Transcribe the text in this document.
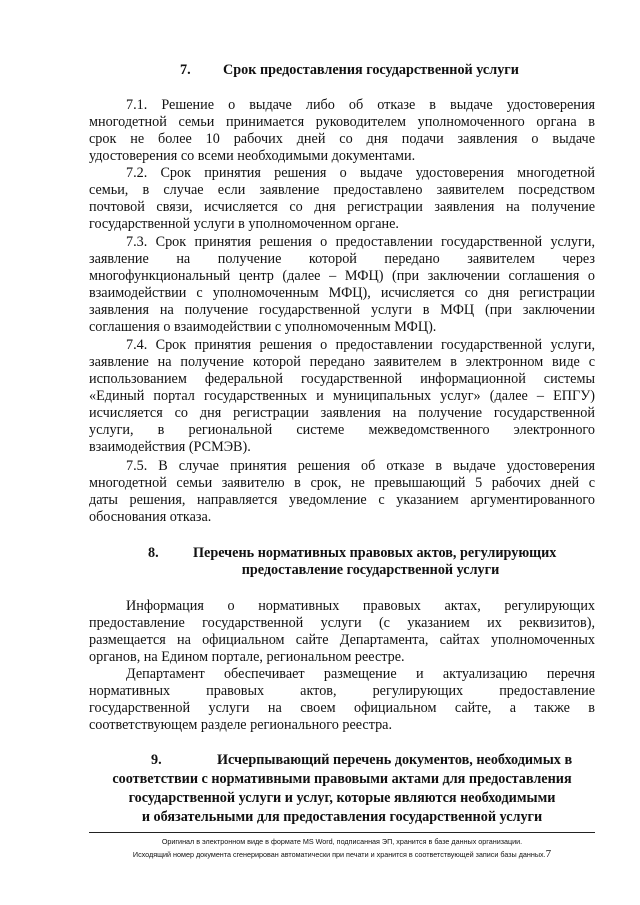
7. Срок предоставления государственной услуги
7.1. Решение о выдаче либо об отказе в выдаче удостоверения
многодетной семьи принимается руководителем уполномоченного органа в
срок не более 10 рабочих дней со дня подачи заявления о выдаче
удостоверения со всеми необходимыми документами.
7.2. Срок принятия решения о выдаче удостоверения многодетной
семьи, в случае если заявление предоставлено заявителем посредством
почтовой связи, исчисляется со дня регистрации заявления на получение
государственной услуги в уполномоченном органе.
7.3. Срок принятия решения о предоставлении государственной услуги,
заявление на получение которой передано заявителем через
многофункциональный центр (далее – МФЦ) (при заключении соглашения о
взаимодействии с уполномоченным МФЦ), исчисляется со дня регистрации
заявления на получение государственной услуги в МФЦ (при заключении
соглашения о взаимодействии с уполномоченным МФЦ).
7.4. Срок принятия решения о предоставлении государственной услуги,
заявление на получение которой передано заявителем в электронном виде с
использованием федеральной государственной информационной системы
«Единый портал государственных и муниципальных услуг» (далее – ЕПГУ)
исчисляется со дня регистрации заявления на получение государственной
услуги, в региональной системе межведомственного электронного
взаимодействия (РСМЭВ).
7.5. В случае принятия решения об отказе в выдаче удостоверения
многодетной семьи заявителю в срок, не превышающий 5 рабочих дней с
даты решения, направляется уведомление с указанием аргументированного
обоснования отказа.
8. Перечень нормативных правовых актов, регулирующих
предоставление государственной услуги
Информация о нормативных правовых актах, регулирующих
предоставление государственной услуги (с указанием их реквизитов),
размещается на официальном сайте Департамента, сайтах уполномоченных
органов, на Едином портале, региональном реестре.
Департамент обеспечивает размещение и актуализацию перечня
нормативных правовых актов, регулирующих предоставление
государственной услуги на своем официальном сайте, а также в
соответствующем разделе регионального реестра.
9.	Исчерпывающий перечень документов, необходимых в
соответствии с нормативными правовыми актами для предоставления
государственной услуги и услуг, которые являются необходимыми
и обязательными для предоставления государственной услуги
Оригинал в электронном виде в формате MS Word, подписанная ЭП, хранится в базе данных организации.
Исходящий номер документа сгенерирован автоматически при печати и хранится в соответствующей записи базы данных.7
